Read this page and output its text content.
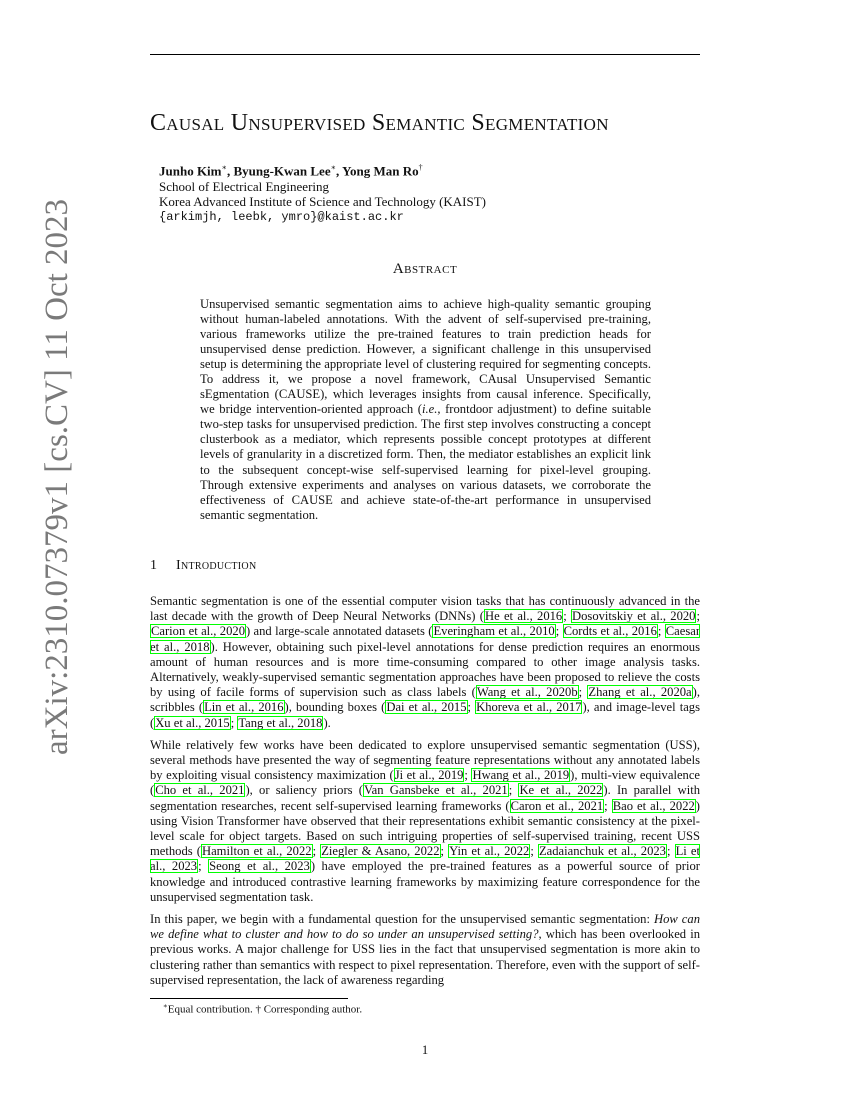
arXiv:2310.07379v1 [cs.CV] 11 Oct 2023
Causal Unsupervised Semantic Segmentation
Junho Kim∗, Byung-Kwan Lee∗, Yong Man Ro†
School of Electrical Engineering
Korea Advanced Institute of Science and Technology (KAIST)
{arkimjh, leebk, ymro}@kaist.ac.kr
Abstract
Unsupervised semantic segmentation aims to achieve high-quality semantic grouping without human-labeled annotations. With the advent of self-supervised pre-training, various frameworks utilize the pre-trained features to train prediction heads for unsupervised dense prediction. However, a significant challenge in this unsupervised setup is determining the appropriate level of clustering required for segmenting concepts. To address it, we propose a novel framework, CAusal Unsupervised Semantic sEgmentation (CAUSE), which leverages insights from causal inference. Specifically, we bridge intervention-oriented approach (i.e., frontdoor adjustment) to define suitable two-step tasks for unsupervised prediction. The first step involves constructing a concept clusterbook as a mediator, which represents possible concept prototypes at different levels of granularity in a discretized form. Then, the mediator establishes an explicit link to the subsequent concept-wise self-supervised learning for pixel-level grouping. Through extensive experiments and analyses on various datasets, we corroborate the effectiveness of CAUSE and achieve state-of-the-art performance in unsupervised semantic segmentation.
1 Introduction

Semantic segmentation is one of the essential computer vision tasks that has continuously advanced in the last decade with the growth of Deep Neural Networks (DNNs) (He et al., 2016; Dosovitskiy et al., 2020; Carion et al., 2020) and large-scale annotated datasets (Everingham et al., 2010; Cordts et al., 2016; Caesar et al., 2018). However, obtaining such pixel-level annotations for dense prediction requires an enormous amount of human resources and is more time-consuming compared to other image analysis tasks. Alternatively, weakly-supervised semantic segmentation approaches have been proposed to relieve the costs by using of facile forms of supervision such as class labels (Wang et al., 2020b; Zhang et al., 2020a), scribbles (Lin et al., 2016), bounding boxes (Dai et al., 2015; Khoreva et al., 2017), and image-level tags (Xu et al., 2015; Tang et al., 2018).

While relatively few works have been dedicated to explore unsupervised semantic segmentation (USS), several methods have presented the way of segmenting feature representations without any annotated labels by exploiting visual consistency maximization (Ji et al., 2019; Hwang et al., 2019), multi-view equivalence (Cho et al., 2021), or saliency priors (Van Gansbeke et al., 2021; Ke et al., 2022). In parallel with segmentation researches, recent self-supervised learning frameworks (Caron et al., 2021; Bao et al., 2022) using Vision Transformer have observed that their representations exhibit semantic consistency at the pixel-level scale for object targets. Based on such intriguing properties of self-supervised training, recent USS methods (Hamilton et al., 2022; Ziegler & Asano, 2022; Yin et al., 2022; Zadaianchuk et al., 2023; Li et al., 2023; Seong et al., 2023) have employed the pre-trained features as a powerful source of prior knowledge and introduced contrastive learning frameworks by maximizing feature correspondence for the unsupervised segmentation task.

In this paper, we begin with a fundamental question for the unsupervised semantic segmentation: How can we define what to cluster and how to do so under an unsupervised setting?, which has been overlooked in previous works. A major challenge for USS lies in the fact that unsupervised segmentation is more akin to clustering rather than semantics with respect to pixel representation. Therefore, even with the support of self-supervised representation, the lack of awareness regarding

∗Equal contribution. † Corresponding author.
1
